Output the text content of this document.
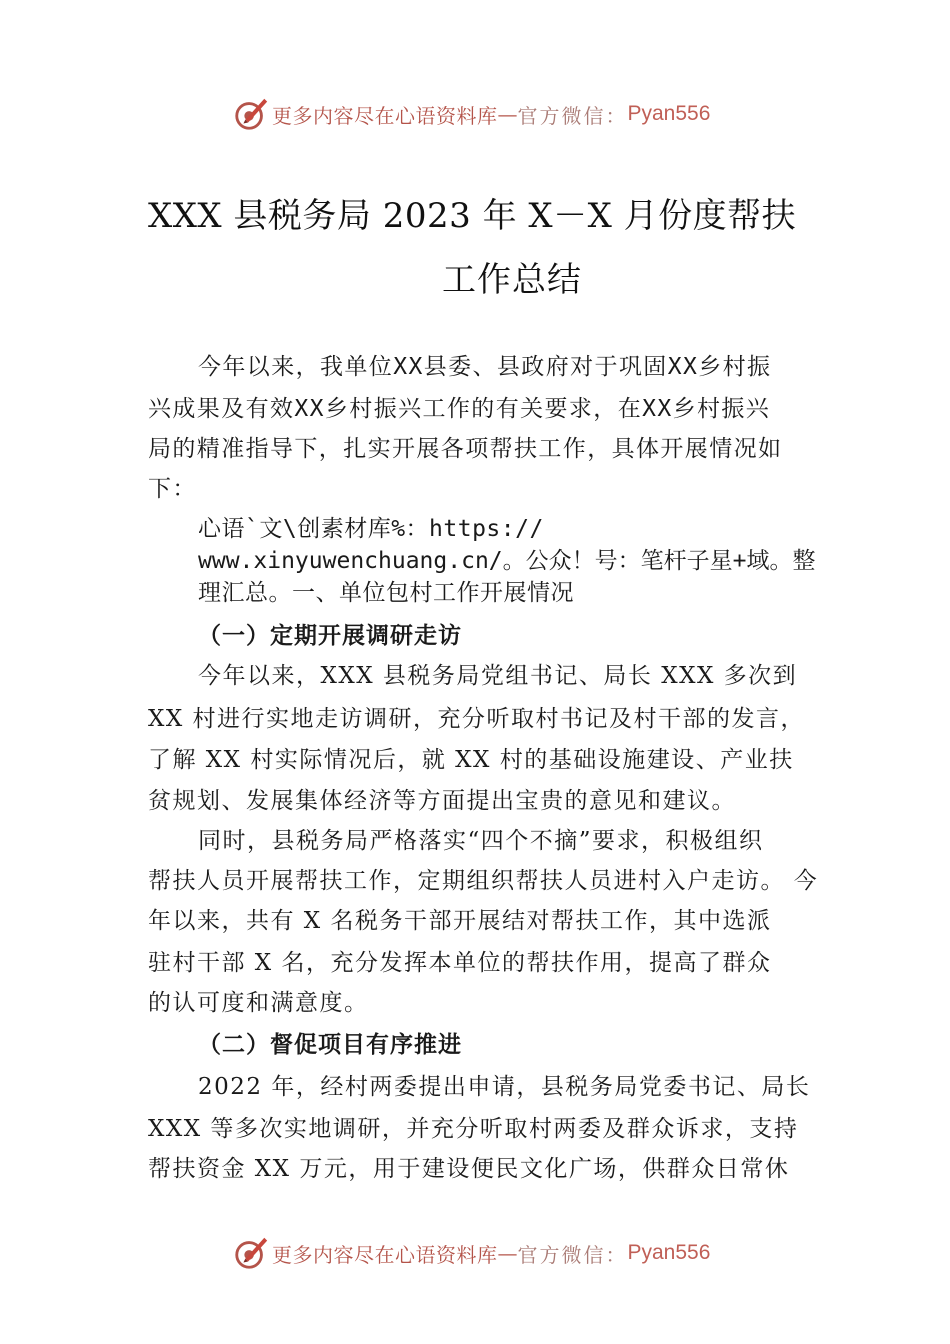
更多内容尽在心语资料库 — 官方微信： Pyan556
XXX 县税务局 2023 年 X－X 月份度帮扶
工作总结
今年以来，我单位XX县委、县政府对于巩固XX乡村振
兴成果及有效XX乡村振兴工作的有关要求，在XX乡村振兴
局的精准指导下，扎实开展各项帮扶工作，具体开展情况如
下：
心语`文\创素材库%：https://
www.xinyuwenchuang.cn/。公众！号：笔杆子星+域。整
理汇总。一、单位包村工作开展情况
（一）定期开展调研走访
今年以来，XXX 县税务局党组书记、局长 XXX 多次到
XX 村进行实地走访调研，充分听取村书记及村干部的发言，
了解 XX 村实际情况后，就 XX 村的基础设施建设、产业扶
贫规划、发展集体经济等方面提出宝贵的意见和建议。
同时，县税务局严格落实“四个不摘”要求，积极组织
帮扶人员开展帮扶工作，定期组织帮扶人员进村入户走访。 今
年以来，共有 X 名税务干部开展结对帮扶工作，其中选派
驻村干部 X 名，充分发挥本单位的帮扶作用，提高了群众
的认可度和满意度。
（二）督促项目有序推进
2022 年，经村两委提出申请，县税务局党委书记、局长
XXX 等多次实地调研，并充分听取村两委及群众诉求，支持
帮扶资金 XX 万元，用于建设便民文化广场，供群众日常休
更多内容尽在心语资料库 — 官方微信： Pyan556
